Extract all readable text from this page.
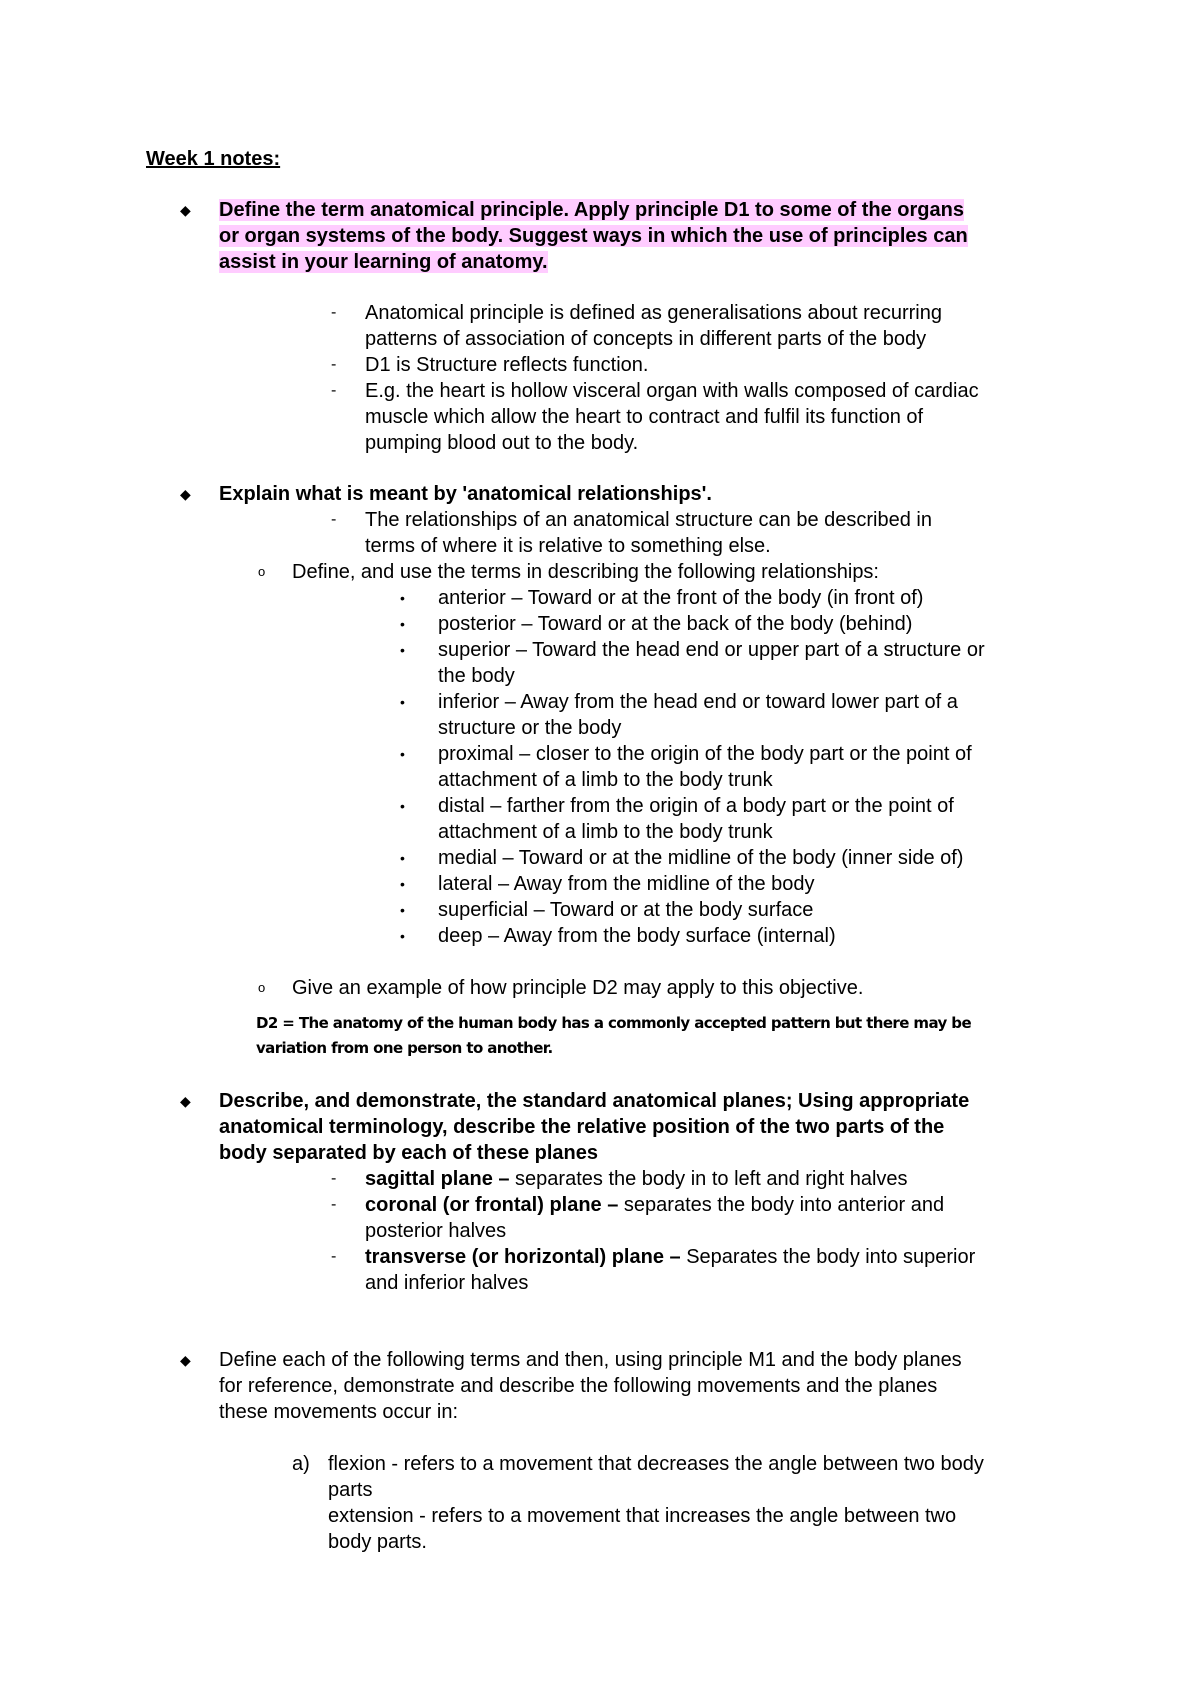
Week 1 notes:
◆ Define the term anatomical principle. Apply principle D1 to some of the organs
or organ systems of the body. Suggest ways in which the use of principles can
assist in your learning of anatomy.
- Anatomical principle is defined as generalisations about recurring
patterns of association of concepts in different parts of the body
- D1 is Structure reflects function.
- E.g. the heart is hollow visceral organ with walls composed of cardiac
muscle which allow the heart to contract and fulfil its function of
pumping blood out to the body.
◆ Explain what is meant by 'anatomical relationships'.
- The relationships of an anatomical structure can be described in
terms of where it is relative to something else.
o Define, and use the terms in describing the following relationships:
• anterior – Toward or at the front of the body (in front of)
• posterior – Toward or at the back of the body (behind)
• superior – Toward the head end or upper part of a structure or
the body
• inferior – Away from the head end or toward lower part of a
structure or the body
• proximal – closer to the origin of the body part or the point of
attachment of a limb to the body trunk
• distal – farther from the origin of a body part or the point of
attachment of a limb to the body trunk
• medial – Toward or at the midline of the body (inner side of)
• lateral – Away from the midline of the body
• superficial – Toward or at the body surface
• deep – Away from the body surface (internal)
o Give an example of how principle D2 may apply to this objective.
D2 = The anatomy of the human body has a commonly accepted pattern but there may be
variation from one person to another.
◆ Describe, and demonstrate, the standard anatomical planes; Using appropriate
anatomical terminology, describe the relative position of the two parts of the
body separated by each of these planes
- sagittal plane – separates the body in to left and right halves
- coronal (or frontal) plane – separates the body into anterior and
posterior halves
- transverse (or horizontal) plane – Separates the body into superior
and inferior halves
◆ Define each of the following terms and then, using principle M1 and the body planes
for reference, demonstrate and describe the following movements and the planes
these movements occur in:
a) flexion - refers to a movement that decreases the angle between two body
parts
extension - refers to a movement that increases the angle between two
body parts.
